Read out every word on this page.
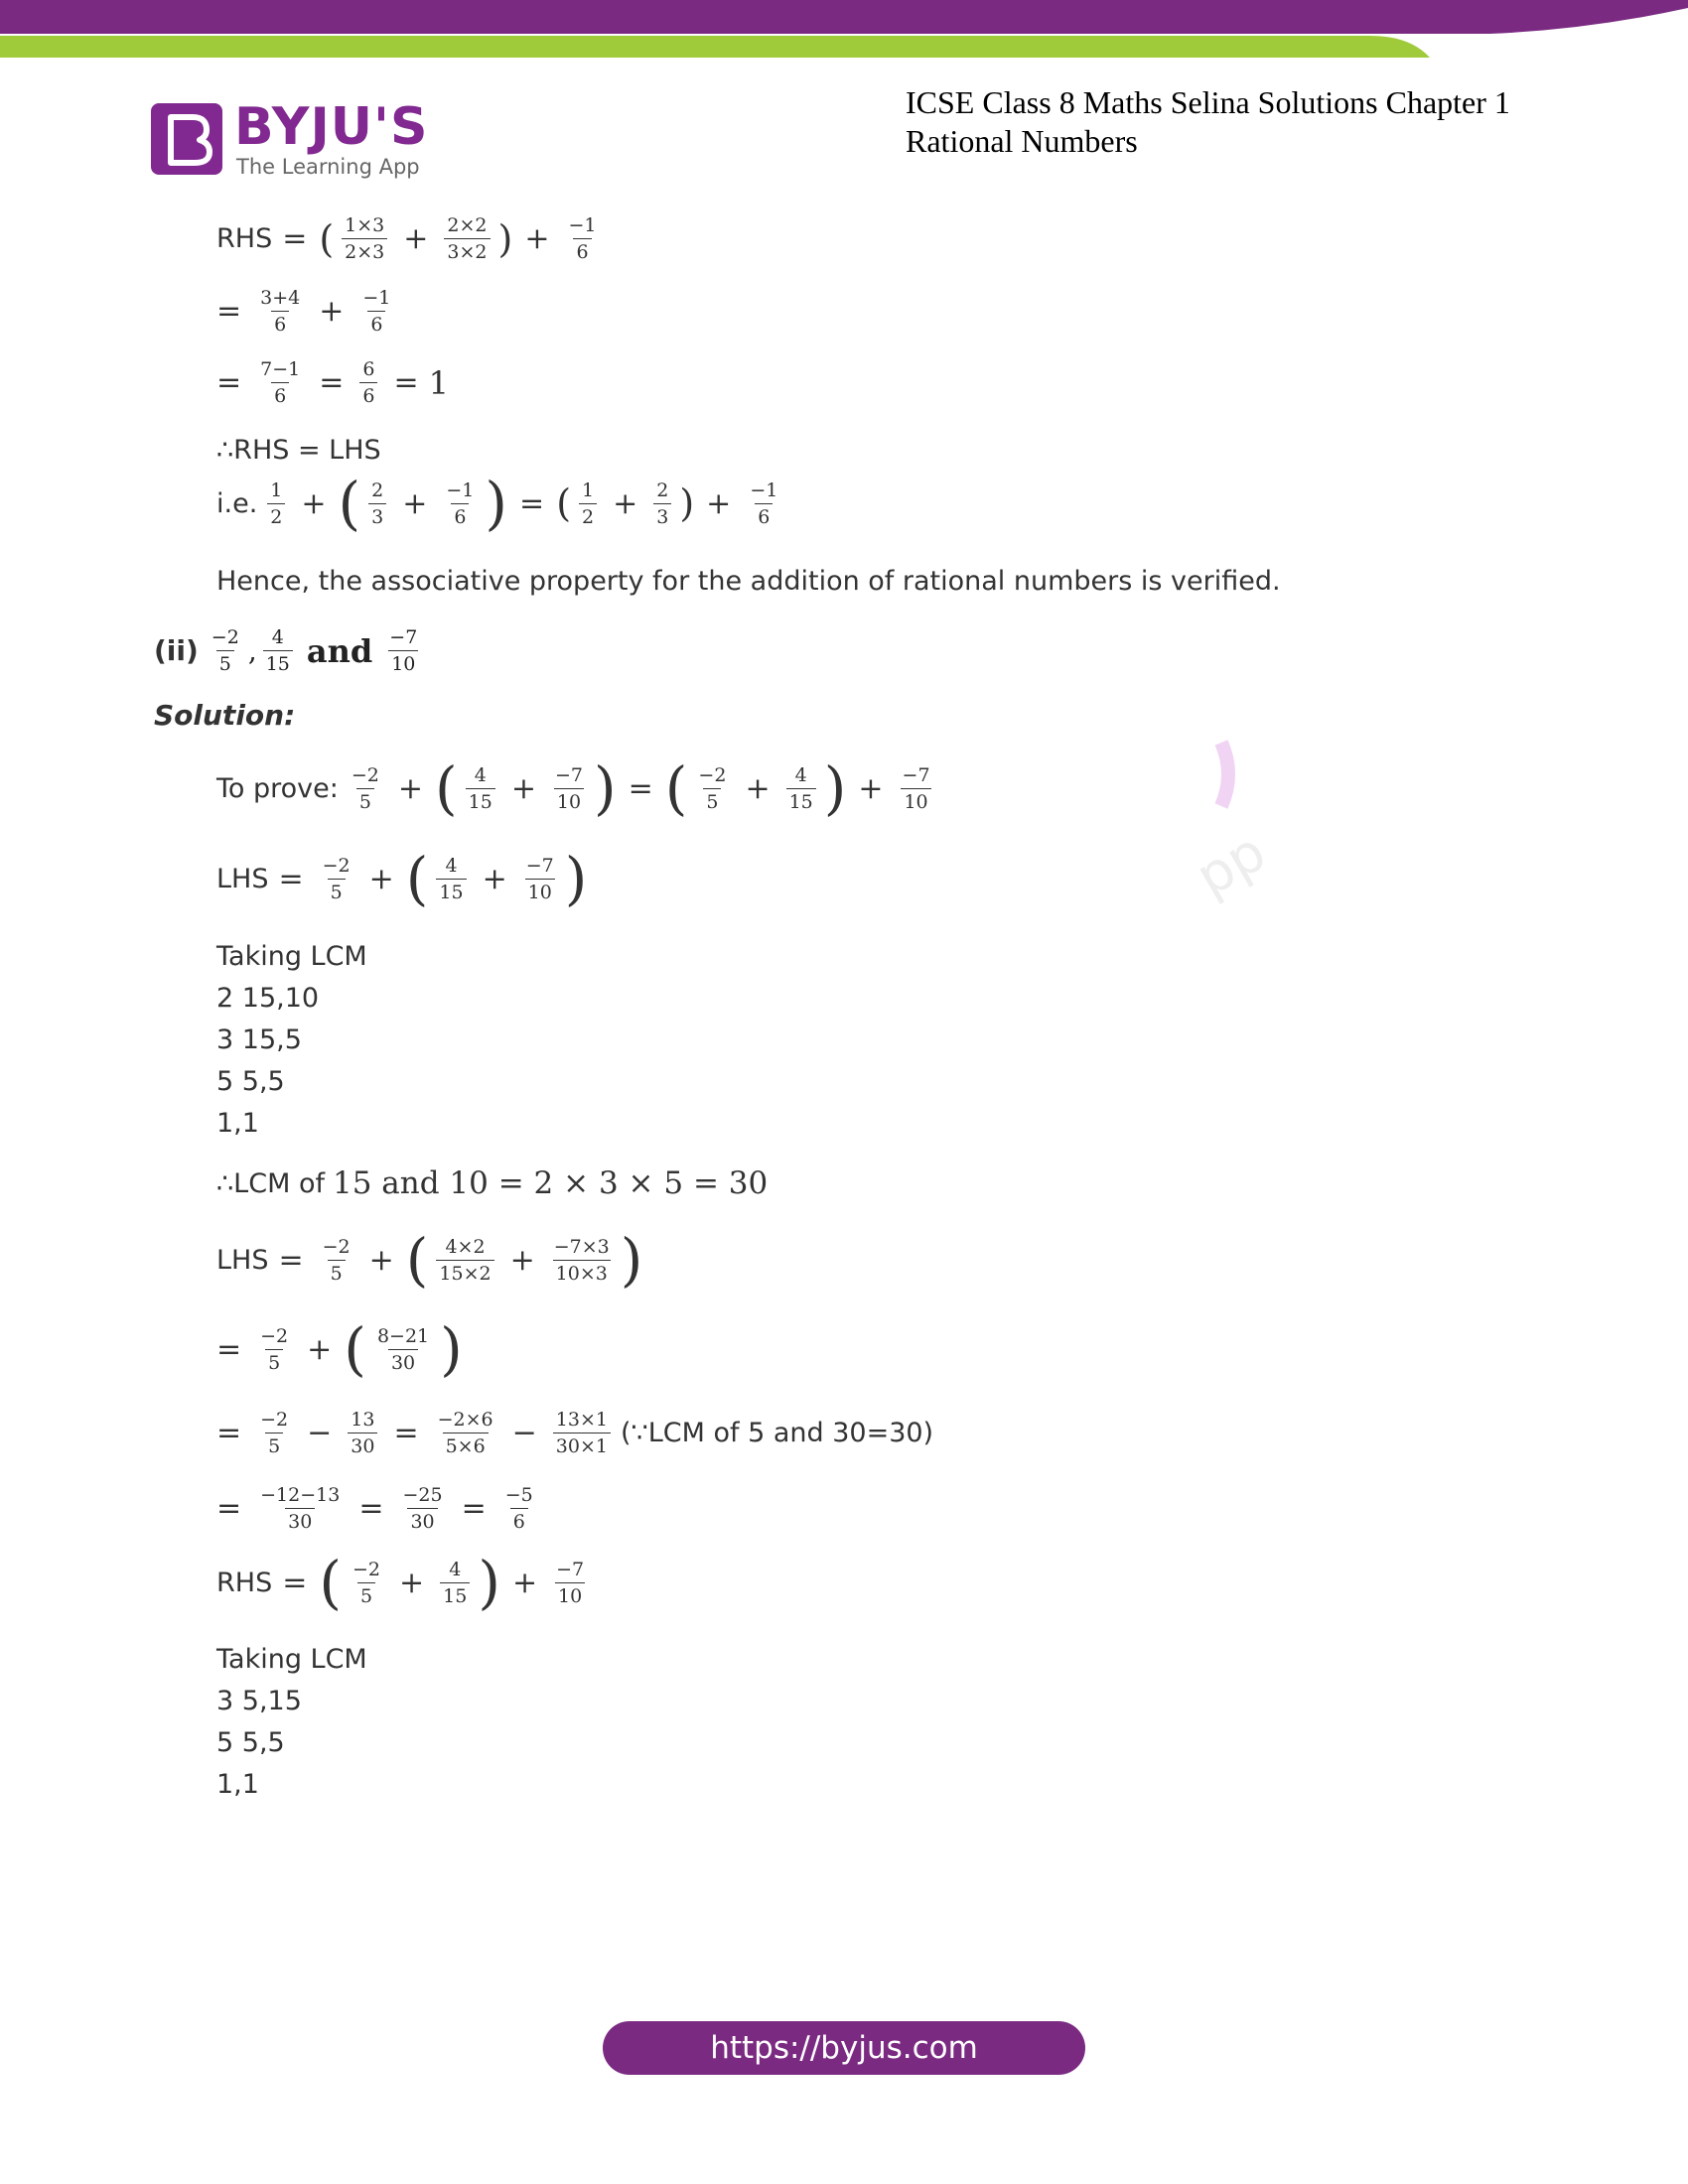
BYJU'S
The Learning App
ICSE Class 8 Maths Selina Solutions Chapter 1
Rational Numbers
pp
RHS = ( $\frac{1\times 3}{2\times 3} + \frac{2\times 2}{3\times 2}$ ) + $\frac{-1}{6}$
= $\frac{3+4}{6} + \frac{-1}{6}$
= $\frac{7-1}{6} = \frac{6}{6} = 1$
∴RHS = LHS
i.e. $\frac{1}{2}$ + ( $\frac{2}{3} + \frac{-1}{6}$ ) = ( $\frac{1}{2} + \frac{2}{3}$ ) + $\frac{-1}{6}$
Hence, the associative property for the addition of rational numbers is verified.
$(ii) \frac{-2}{5}$ , $\frac{4}{15}$ and $\frac{-7}{10}$
Solution:
To prove: $\frac{-2}{5}$ + ( $\frac{4}{15} + \frac{-7}{10}$ ) = ( $\frac{-2}{5} + \frac{4}{15}$ ) + $\frac{-7}{10}$
LHS = $\frac{-2}{5}$ + ( $\frac{4}{15} + \frac{-7}{10}$ )
Taking LCM
2 15,10
3 15,5
5 5,5
1,1
∴LCM of 15 and 10 = 2 × 3 × 5 = 30
LHS = $\frac{-2}{5}$ + ( $\frac{4\times 2}{15\times 2} + \frac{-7\times 3}{10\times 3}$ )
= $\frac{-2}{5}$ + ( $\frac{8-21}{30}$ )
= $\frac{-2}{5} - \frac{13}{30} = \frac{-2\times 6}{5\times 6} - \frac{13\times 1}{30\times 1}$ (∵LCM of 5 and 30=30)
= $\frac{-12-13}{30} = \frac{-25}{30} = \frac{-5}{6}$
RHS = ( $\frac{-2}{5} + \frac{4}{15}$ ) + $\frac{-7}{10}$
Taking LCM
3 5,15
5 5,5
1,1
https://byjus.com
